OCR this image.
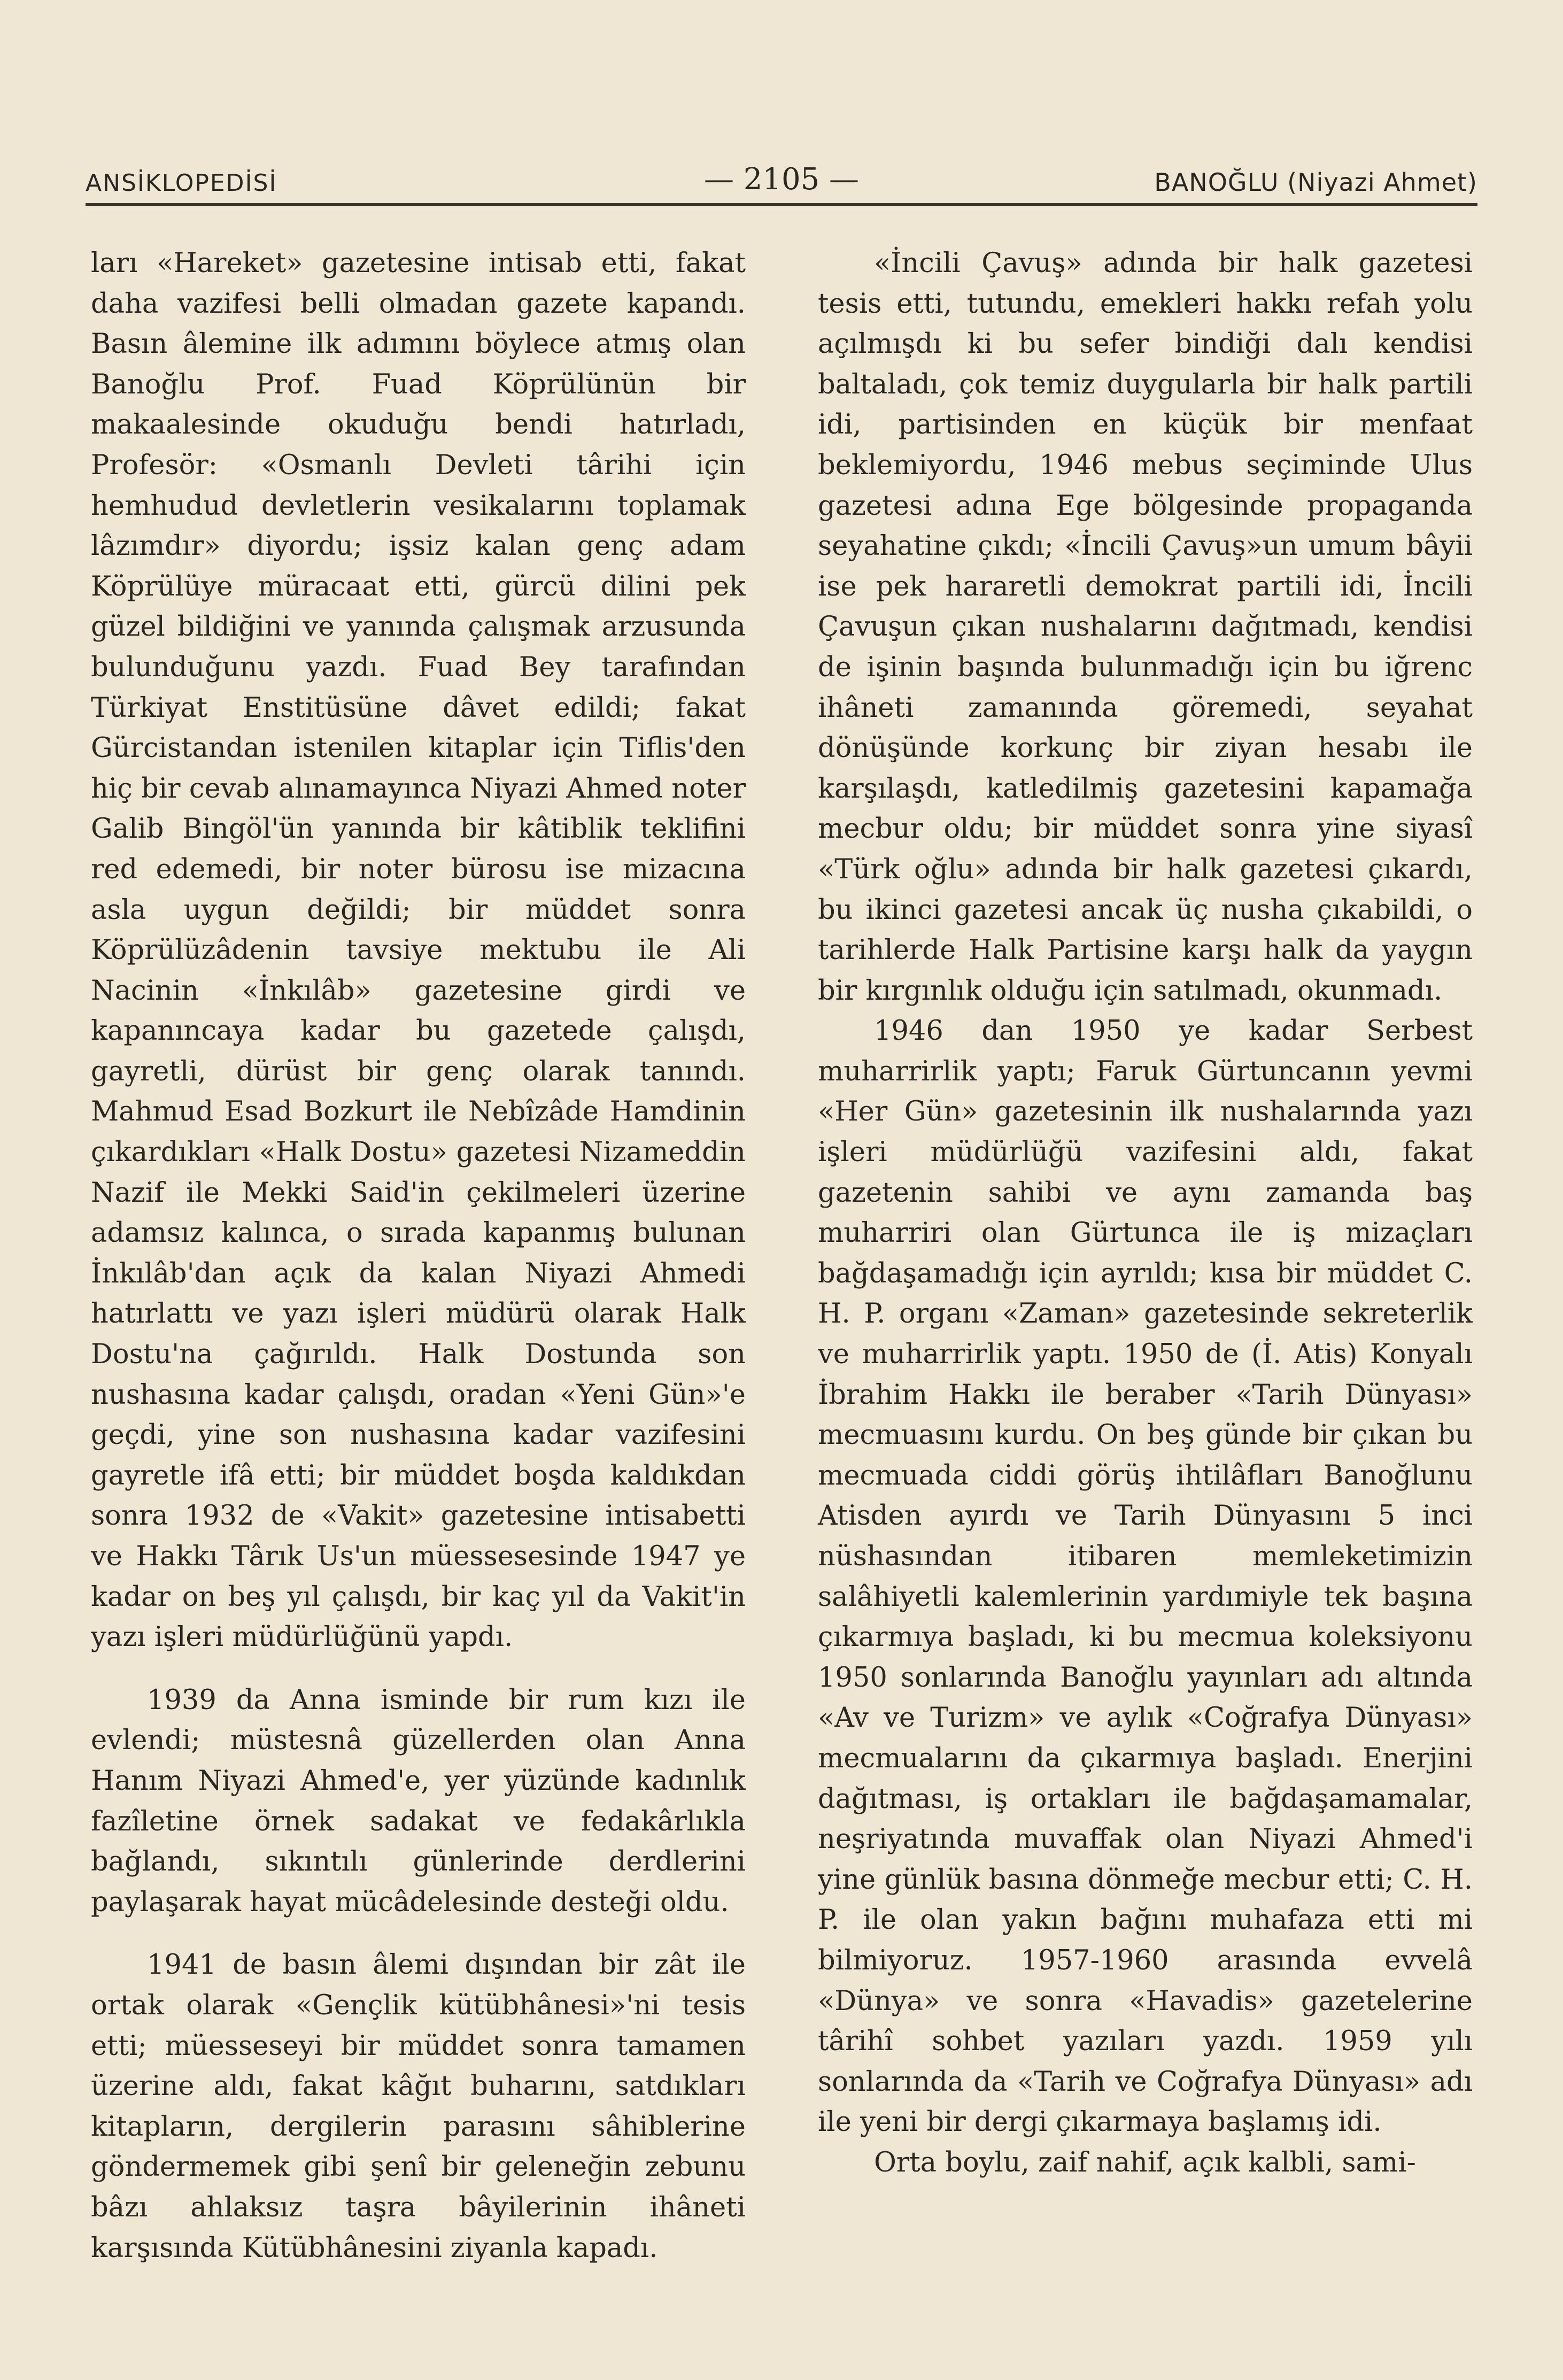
ANSİKLOPEDİSİ	— 2105 —	BANOĞLU (Niyazi Ahmet)

ları «Hareket» gazetesine intisab etti, fakat daha vazifesi belli olmadan gazete kapandı. Basın âlemine ilk adımını böylece atmış olan Banoğlu Prof. Fuad Köprülünün bir makaalesinde okuduğu bendi hatırladı, Profesör: «Osmanlı Devleti târihi için hemhudud devletlerin vesikalarını toplamak lâzımdır» diyordu; işsiz kalan genç adam Köprülüye müracaat etti, gürcü dilini pek güzel bildiğini ve yanında çalışmak arzusunda bulunduğunu yazdı. Fuad Bey tarafından Türkiyat Enstitüsüne dâvet edildi; fakat Gürcistandan istenilen kitaplar için Tiflis'den hiç bir cevab alınamayınca Niyazi Ahmed noter Galib Bingöl'ün yanında bir kâtiblik teklifini red edemedi, bir noter bürosu ise mizacına asla uygun değildi; bir müddet sonra Köprülüzâdenin tavsiye mektubu ile Ali Nacinin «İnkılâb» gazetesine girdi ve kapanıncaya kadar bu gazetede çalışdı, gayretli, dürüst bir genç olarak tanındı. Mahmud Esad Bozkurt ile Nebîzâde Hamdinin çıkardıkları «Halk Dostu» gazetesi Nizameddin Nazif ile Mekki Said'in çekilmeleri üzerine adamsız kalınca, o sırada kapanmış bulunan İnkılâb'dan açık da kalan Niyazi Ahmedi hatırlattı ve yazı işleri müdürü olarak Halk Dostu'na çağırıldı. Halk Dostunda son nushasına kadar çalışdı, oradan «Yeni Gün»'e geçdi, yine son nushasına kadar vazifesini gayretle ifâ etti; bir müddet boşda kaldıkdan sonra 1932 de «Vakit» gazetesine intisabetti ve Hakkı Târık Us'un müessesesinde 1947 ye kadar on beş yıl çalışdı, bir kaç yıl da Vakit'in yazı işleri müdürlüğünü yapdı.

1939 da Anna isminde bir rum kızı ile evlendi; müstesnâ güzellerden olan Anna Hanım Niyazi Ahmed'e, yer yüzünde kadınlık fazîletine örnek sadakat ve fedakârlıkla bağlandı, sıkıntılı günlerinde derdlerini paylaşarak hayat mücâdelesinde desteği oldu.

1941 de basın âlemi dışından bir zât ile ortak olarak «Gençlik kütübhânesi»'ni tesis etti; müesseseyi bir müddet sonra tamamen üzerine aldı, fakat kâğıt buharını, satdıkları kitapların, dergilerin parasını sâhiblerine göndermemek gibi şenî bir geleneğin zebunu bâzı ahlaksız taşra bâyilerinin ihâneti karşısında Kütübhânesini ziyanla kapadı.

«İncili Çavuş» adında bir halk gazetesi tesis etti, tutundu, emekleri hakkı refah yolu açılmışdı ki bu sefer bindiği dalı kendisi baltaladı, çok temiz duygularla bir halk partili idi, partisinden en küçük bir menfaat beklemiyordu, 1946 mebus seçiminde Ulus gazetesi adına Ege bölgesinde propaganda seyahatine çıkdı; «İncili Çavuş»un umum bâyii ise pek hararetli demokrat partili idi, İncili Çavuşun çıkan nushalarını dağıtmadı, kendisi de işinin başında bulunmadığı için bu iğrenc ihâneti zamanında göremedi, seyahat dönüşünde korkunç bir ziyan hesabı ile karşılaşdı, katledilmiş gazetesini kapamağa mecbur oldu; bir müddet sonra yine siyasî «Türk oğlu» adında bir halk gazetesi çıkardı, bu ikinci gazetesi ancak üç nusha çıkabildi, o tarihlerde Halk Partisine karşı halk da yaygın bir kırgınlık olduğu için satılmadı, okunmadı.

1946 dan 1950 ye kadar Serbest muharrirlik yaptı; Faruk Gürtuncanın yevmi «Her Gün» gazetesinin ilk nushalarında yazı işleri müdürlüğü vazifesini aldı, fakat gazetenin sahibi ve aynı zamanda baş muharriri olan Gürtunca ile iş mizaçları bağdaşamadığı için ayrıldı; kısa bir müddet C. H. P. organı «Zaman» gazetesinde sekreterlik ve muharrirlik yaptı. 1950 de (İ. Atis) Konyalı İbrahim Hakkı ile beraber «Tarih Dünyası» mecmuasını kurdu. On beş günde bir çıkan bu mecmuada ciddi görüş ihtilâfları Banoğlunu Atisden ayırdı ve Tarih Dünyasını 5 inci nüshasından itibaren memleketimizin salâhiyetli kalemlerinin yardımiyle tek başına çıkarmıya başladı, ki bu mecmua koleksiyonu 1950 sonlarında Banoğlu yayınları adı altında «Av ve Turizm» ve aylık «Coğrafya Dünyası» mecmualarını da çıkarmıya başladı. Enerjini dağıtması, iş ortakları ile bağdaşamamalar, neşriyatında muvaffak olan Niyazi Ahmed'i yine günlük basına dönmeğe mecbur etti; C. H. P. ile olan yakın bağını muhafaza etti mi bilmiyoruz. 1957-1960 arasında evvelâ «Dünya» ve sonra «Havadis» gazetelerine târihî sohbet yazıları yazdı. 1959 yılı sonlarında da «Tarih ve Coğrafya Dünyası» adı ile yeni bir dergi çıkarmaya başlamış idi.

Orta boylu, zaif nahif, açık kalbli, sami-
